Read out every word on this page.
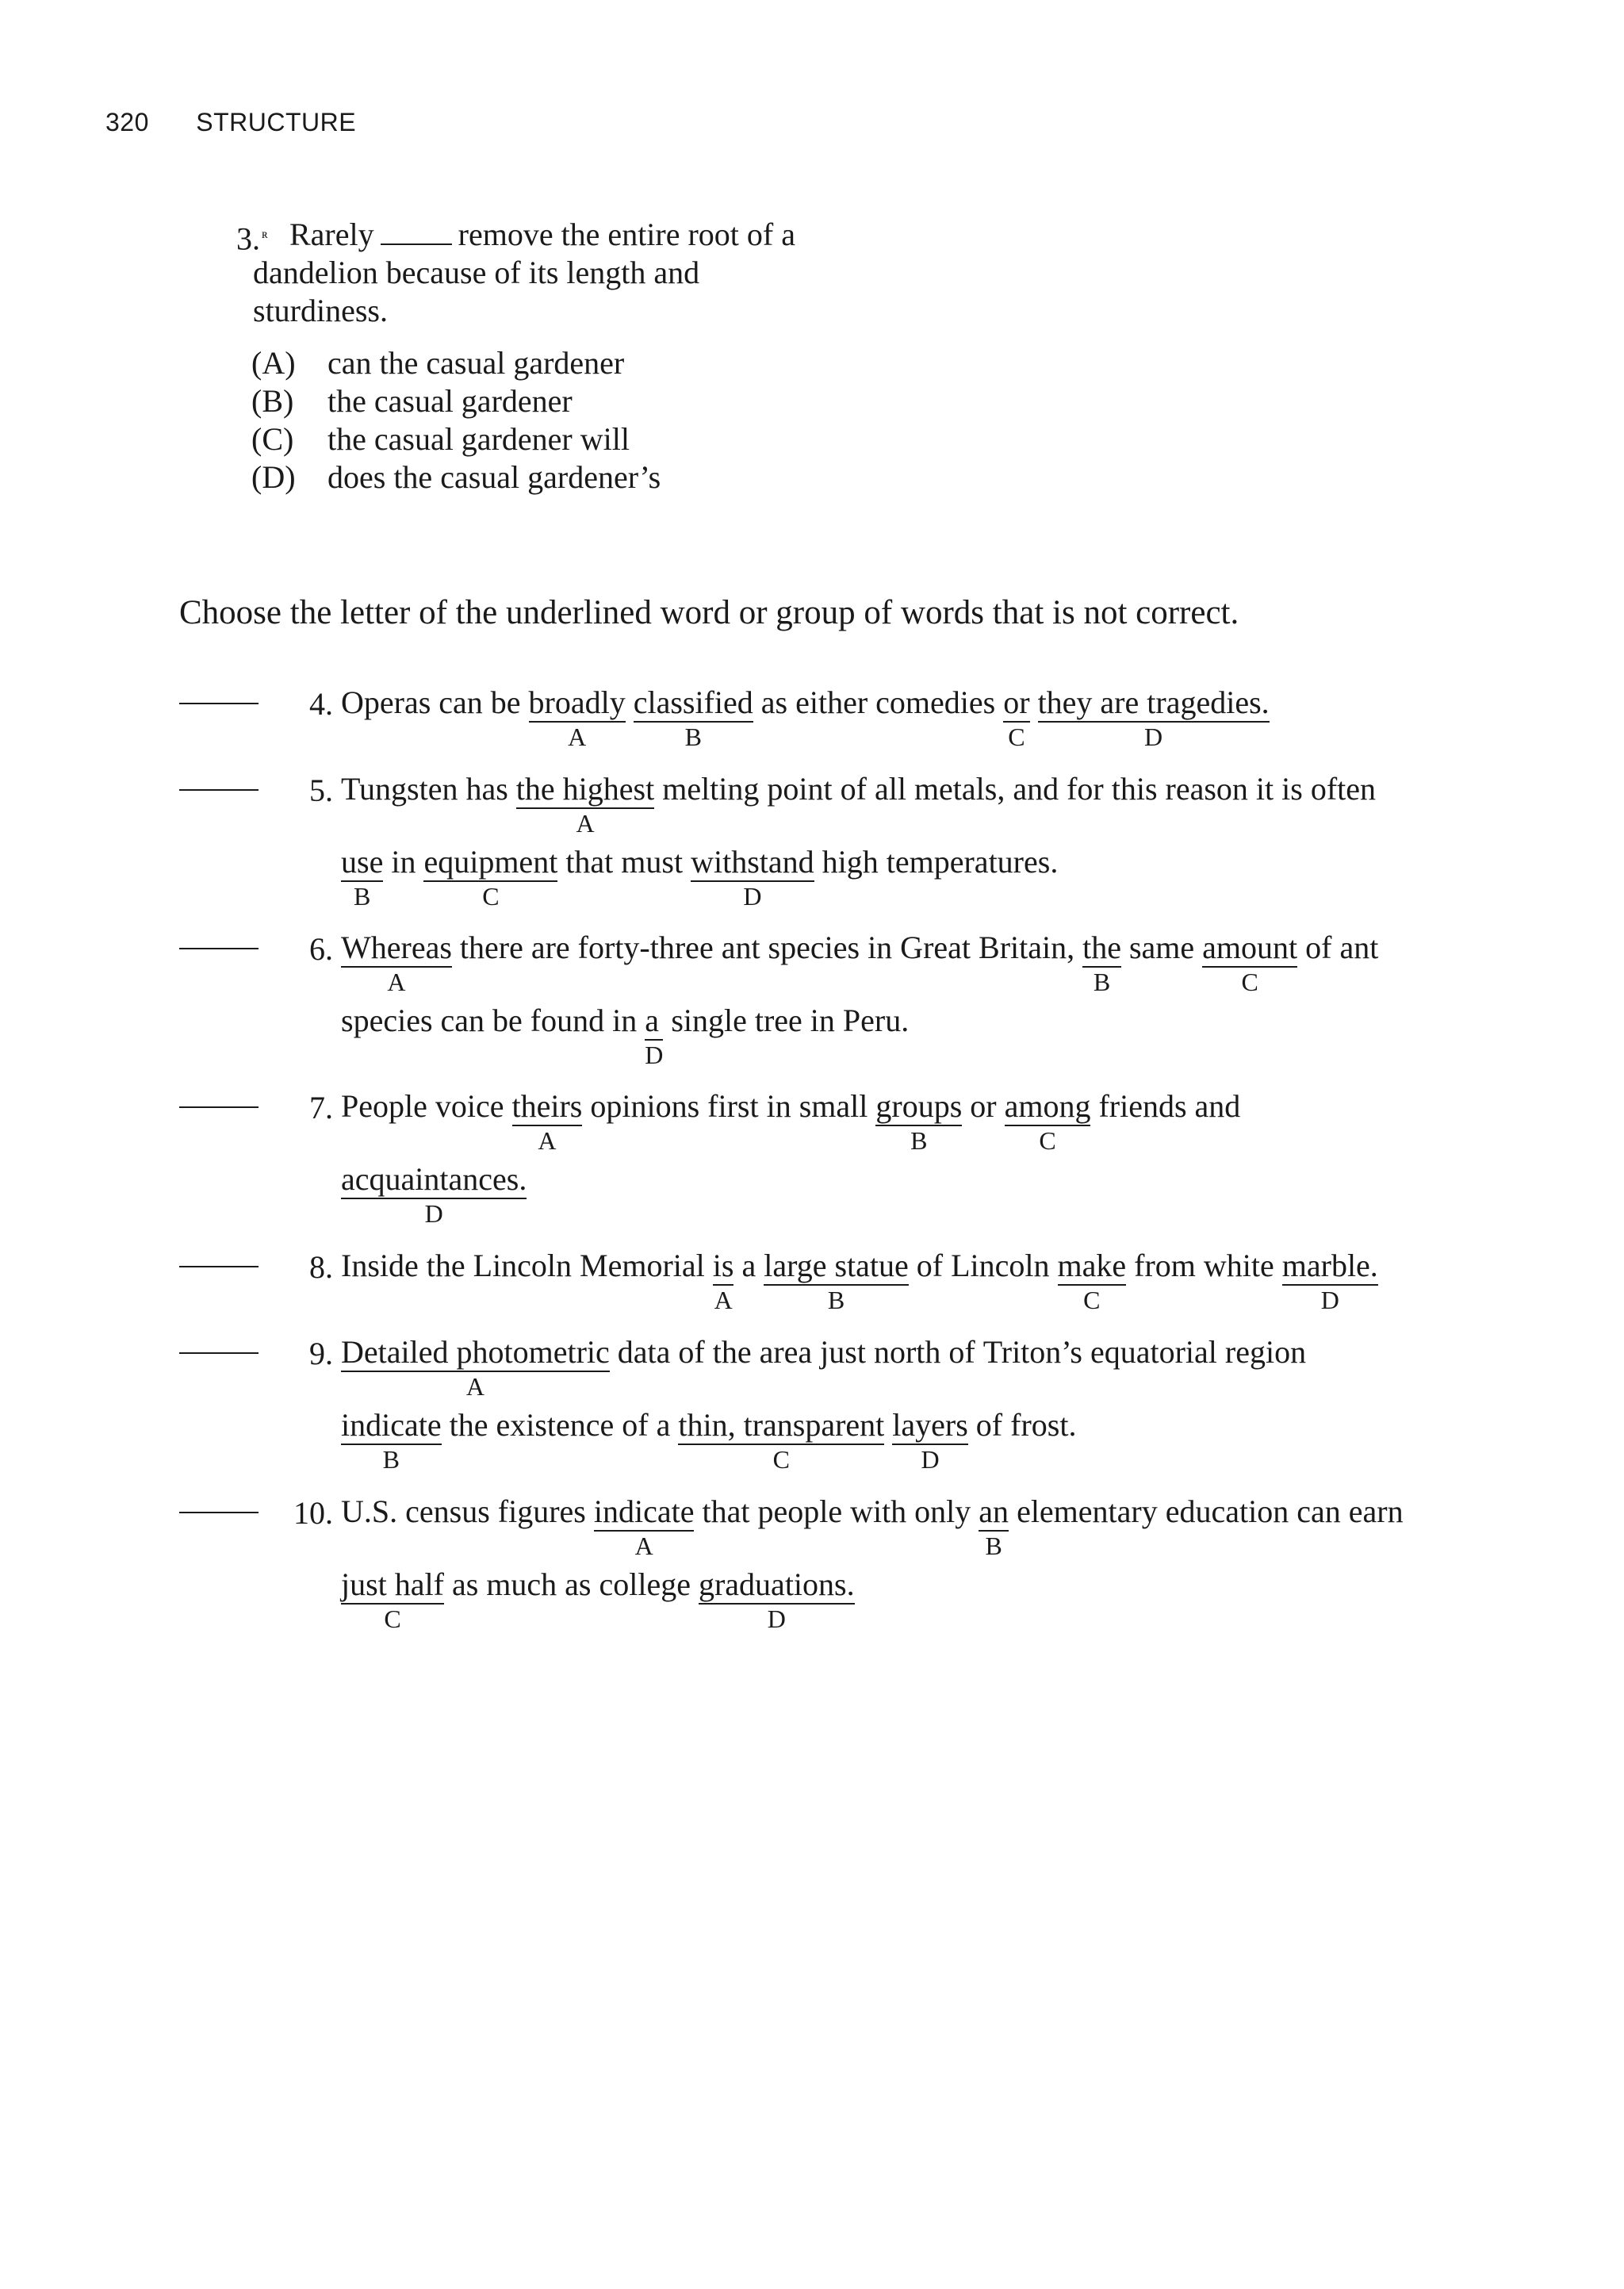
320 STRUCTURE
3. $^ʀ$ Rarely	remove the entire root of a
dandelion because of its length and
sturdiness.
(A) can the casual gardener
(B) the casual gardener
(C) the casual gardener will
(D) does the casual gardener’s
Choose the letter of the underlined word or group of words that is not correct.
4. Operas can be broadly
A

classified
B
as either comedies or
C

they are tragedies.
D
5. Tungsten has the highest
A
melting point of all metals, and for this reason it is often
use
B
in equipment
C
that must withstand
D
high temperatures.
6. Whereas
A
there are forty-three ant species in Great Britain, the
B
same amount
C
of ant
species can be found in a
D
single tree in Peru.
7. People voice theirs
A
opinions first in small groups
B
or among
C
friends and
acquaintances.
D
8. Inside the Lincoln Memorial is
A
a large statue
B
of Lincoln make
C
from white marble.
D
9. Detailed photometric
A
data of the area just north of Triton’s equatorial region
indicate
B
the existence of a thin, transparent
C

layers
D
of frost.
10. U.S. census figures indicate
A
that people with only an
B
elementary education can earn
just half
C
as much as college graduations.
D
